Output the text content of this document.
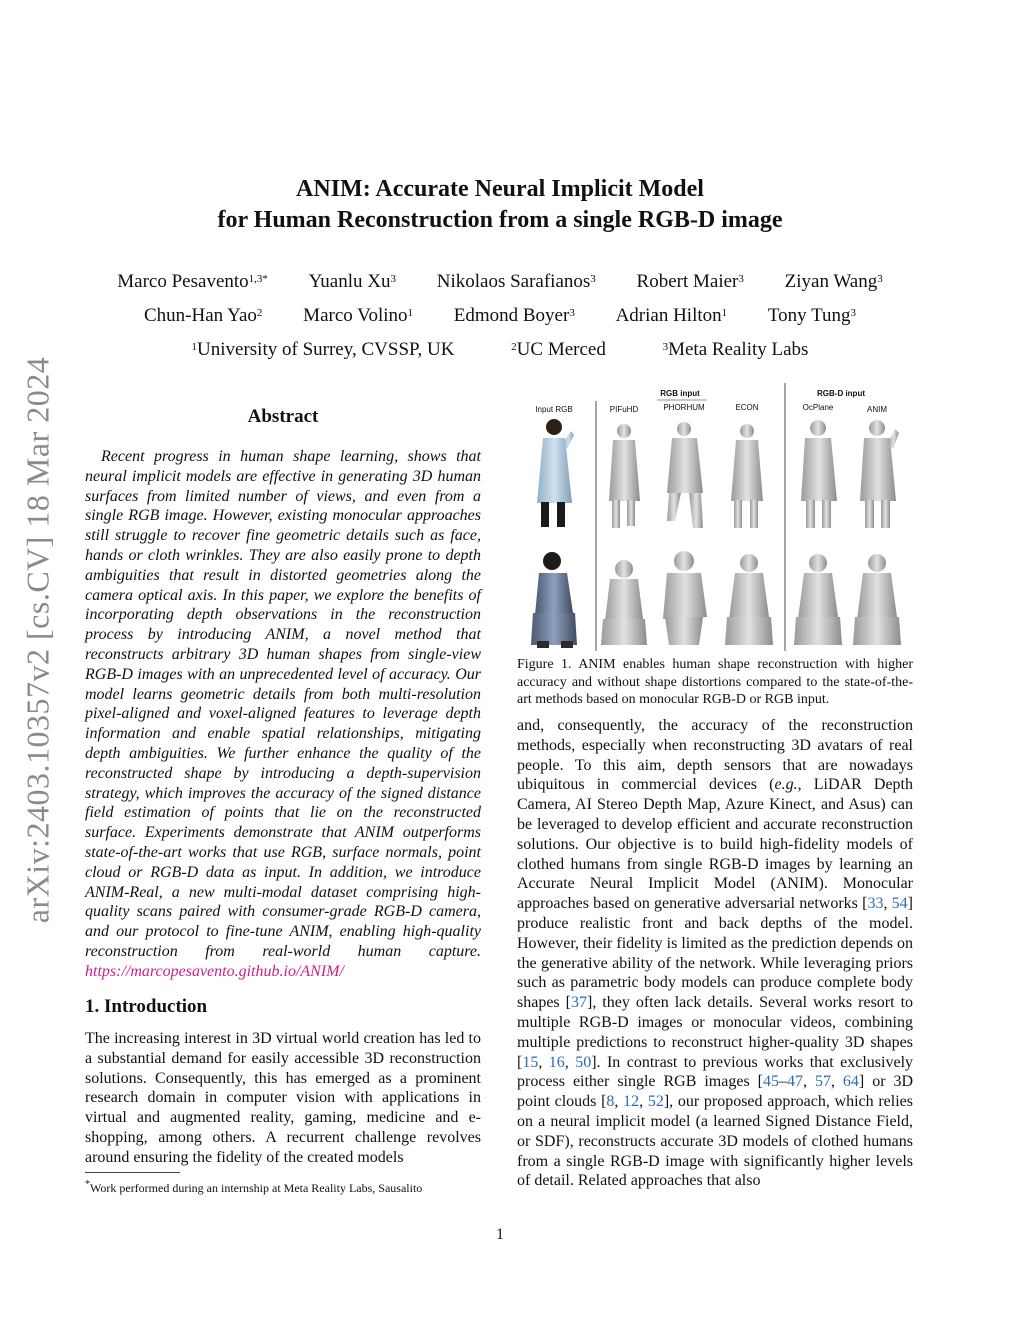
ANIM: Accurate Neural Implicit Model
for Human Reconstruction from a single RGB-D image
Marco Pesavento$^{1,3*}$ Yuanlu Xu$^3$ Nikolaos Sarafianos$^3$ Robert Maier$^3$ Ziyan Wang$^3$
Chun-Han Yao$^2$ Marco Volino$^1$ Edmond Boyer$^3$ Adrian Hilton$^1$ Tony Tung$^3$
$^1$University of Surrey, CVSSP, UK	$^2$UC Merced	$^3$Meta Reality Labs
arXiv:2403.10357v2 [cs.CV] 18 Mar 2024	Abstract
Recent progress in human shape learning, shows that neural implicit models are effective in generating 3D human surfaces from limited number of views, and even from a single RGB image. However, existing monocular approaches still struggle to recover fine geometric details such as face, hands or cloth wrinkles. They are also easily prone to depth ambiguities that result in distorted geometries along the camera optical axis. In this paper, we explore the benefits of incorporating depth observations in the reconstruction process by introducing ANIM, a novel method that reconstructs arbitrary 3D human shapes from single-view RGB-D images with an unprecedented level of accuracy. Our model learns geometric details from both multi-resolution pixel-aligned and voxel-aligned features to leverage depth information and enable spatial relationships, mitigating depth ambiguities. We further enhance the quality of the reconstructed shape by introducing a depth-supervision strategy, which improves the accuracy of the signed distance field estimation of points that lie on the reconstructed surface. Experiments demonstrate that ANIM outperforms state-of-the-art works that use RGB, surface normals, point cloud or RGB-D data as input. In addition, we introduce ANIM-Real, a new multi-modal dataset comprising high-quality scans paired with consumer-grade RGB-D camera, and our protocol to fine-tune ANIM, enabling high-quality reconstruction from real-world human capture. https://marcopesavento.github.io/ANIM/
1. Introduction
The increasing interest in 3D virtual world creation has led to a substantial demand for easily accessible 3D reconstruction solutions. Consequently, this has emerged as a prominent research domain in computer vision with applications in virtual and augmented reality, gaming, medicine and e-shopping, among others. A recurrent challenge revolves around ensuring the fidelity of the created models
*Work performed during an internship at Meta Reality Labs, Sausalito
RGB input	RGB-D input
Input RGB	PIFuHD	PHORHUM	ECON	OcPlane	ANIM
Figure 1. ANIM enables human shape reconstruction with higher accuracy and without shape distortions compared to the state-of-the-art methods based on monocular RGB-D or RGB input.
and, consequently, the accuracy of the reconstruction methods, especially when reconstructing 3D avatars of real people. To this aim, depth sensors that are nowadays ubiquitous in commercial devices (e.g., LiDAR Depth Camera, AI Stereo Depth Map, Azure Kinect, and Asus) can be leveraged to develop efficient and accurate reconstruction solutions. Our objective is to build high-fidelity models of clothed humans from single RGB-D images by learning an Accurate Neural Implicit Model (ANIM). Monocular approaches based on generative adversarial networks [33, 54] produce realistic front and back depths of the model. However, their fidelity is limited as the prediction depends on the generative ability of the network. While leveraging priors such as parametric body models can produce complete body shapes [37], they often lack details. Several works resort to multiple RGB-D images or monocular videos, combining multiple predictions to reconstruct higher-quality 3D shapes [15, 16, 50]. In contrast to previous works that exclusively process either single RGB images [45–47, 57, 64] or 3D point clouds [8, 12, 52], our proposed approach, which relies on a neural implicit model (a learned Signed Distance Field, or SDF), reconstructs accurate 3D models of clothed humans from a single RGB-D image with significantly higher levels of detail. Related approaches that also
1
